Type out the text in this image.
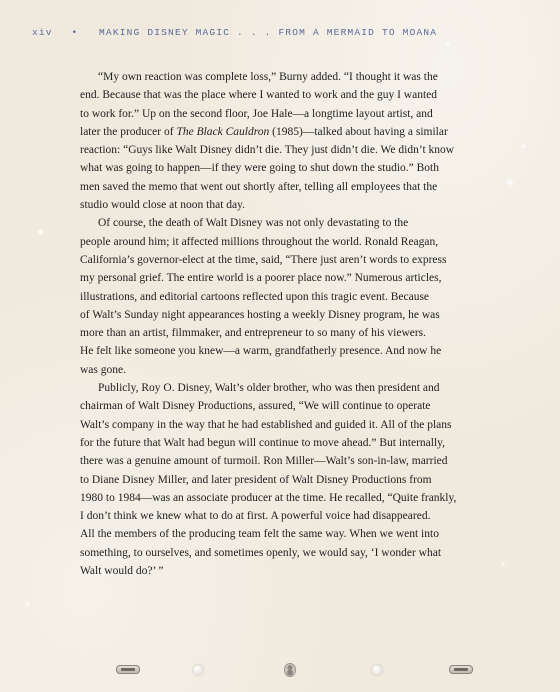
xiv • MAKING DISNEY MAGIC . . . FROM A MERMAID TO MOANA

“My own reaction was complete loss,” Burny added. “I thought it was the
end. Because that was the place where I wanted to work and the guy I wanted
to work for.” Up on the second floor, Joe Hale—a longtime layout artist, and
later the producer of The Black Cauldron (1985)—talked about having a similar
reaction: “Guys like Walt Disney didn’t die. They just didn’t die. We didn’t know
what was going to happen—if they were going to shut down the studio.” Both
men saved the memo that went out shortly after, telling all employees that the
studio would close at noon that day.

Of course, the death of Walt Disney was not only devastating to the
people around him; it affected millions throughout the world. Ronald Reagan,
California’s governor-elect at the time, said, “There just aren’t words to express
my personal grief. The entire world is a poorer place now.” Numerous articles,
illustrations, and editorial cartoons reflected upon this tragic event. Because
of Walt’s Sunday night appearances hosting a weekly Disney program, he was
more than an artist, filmmaker, and entrepreneur to so many of his viewers.
He felt like someone you knew—a warm, grandfatherly presence. And now he
was gone.

Publicly, Roy O. Disney, Walt’s older brother, who was then president and
chairman of Walt Disney Productions, assured, “We will continue to operate
Walt’s company in the way that he had established and guided it. All of the plans
for the future that Walt had begun will continue to move ahead.” But internally,
there was a genuine amount of turmoil. Ron Miller—Walt’s son-in-law, married
to Diane Disney Miller, and later president of Walt Disney Productions from
1980 to 1984—was an associate producer at the time. He recalled, “Quite frankly,
I don’t think we knew what to do at first. A powerful voice had disappeared.
All the members of the producing team felt the same way. When we went into
something, to ourselves, and sometimes openly, we would say, ‘I wonder what
Walt would do?’ ”

✦
✦
✦
✦
✦
✦
